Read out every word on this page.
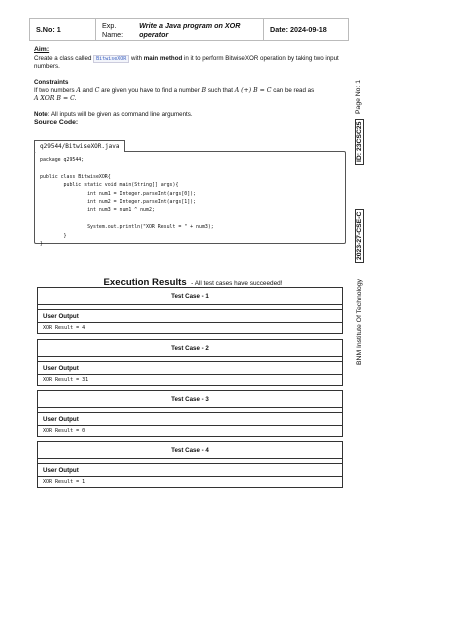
S.No: 1	Exp. Name:

Write a Java program on XOR operator	Date: 2024-09-18
Aim:
Create a class called BitwiseXOR with main method in it to perform BitwiseXOR operation by taking two input numbers.
Constraints
If two numbers A and C are given you have to find a number B such that A (+) B = C can be read as
A XOR B = C.
Note: All inputs will be given as command line arguments.
Source Code:
q29544/BitwiseXOR.java
package q29544;

public class BitwiseXOR{
public static void main(String[] args){
int num1 = Integer.parseInt(args[0]);
int num2 = Integer.parseInt(args[1]);
int num3 = num1 ^ num2;

System.out.println("XOR Result = " + num3);
}
}
Execution Results - All test cases have succeeded!
Test Case - 1
User Output
XOR Result = 4
Test Case - 2
User Output
XOR Result = 31
Test Case - 3
User Output
XOR Result = 0
Test Case - 4
User Output
XOR Result = 1
Page No: 1
ID: 23CSC25
2023-27-CSE-C
BNM Institute Of Technology
